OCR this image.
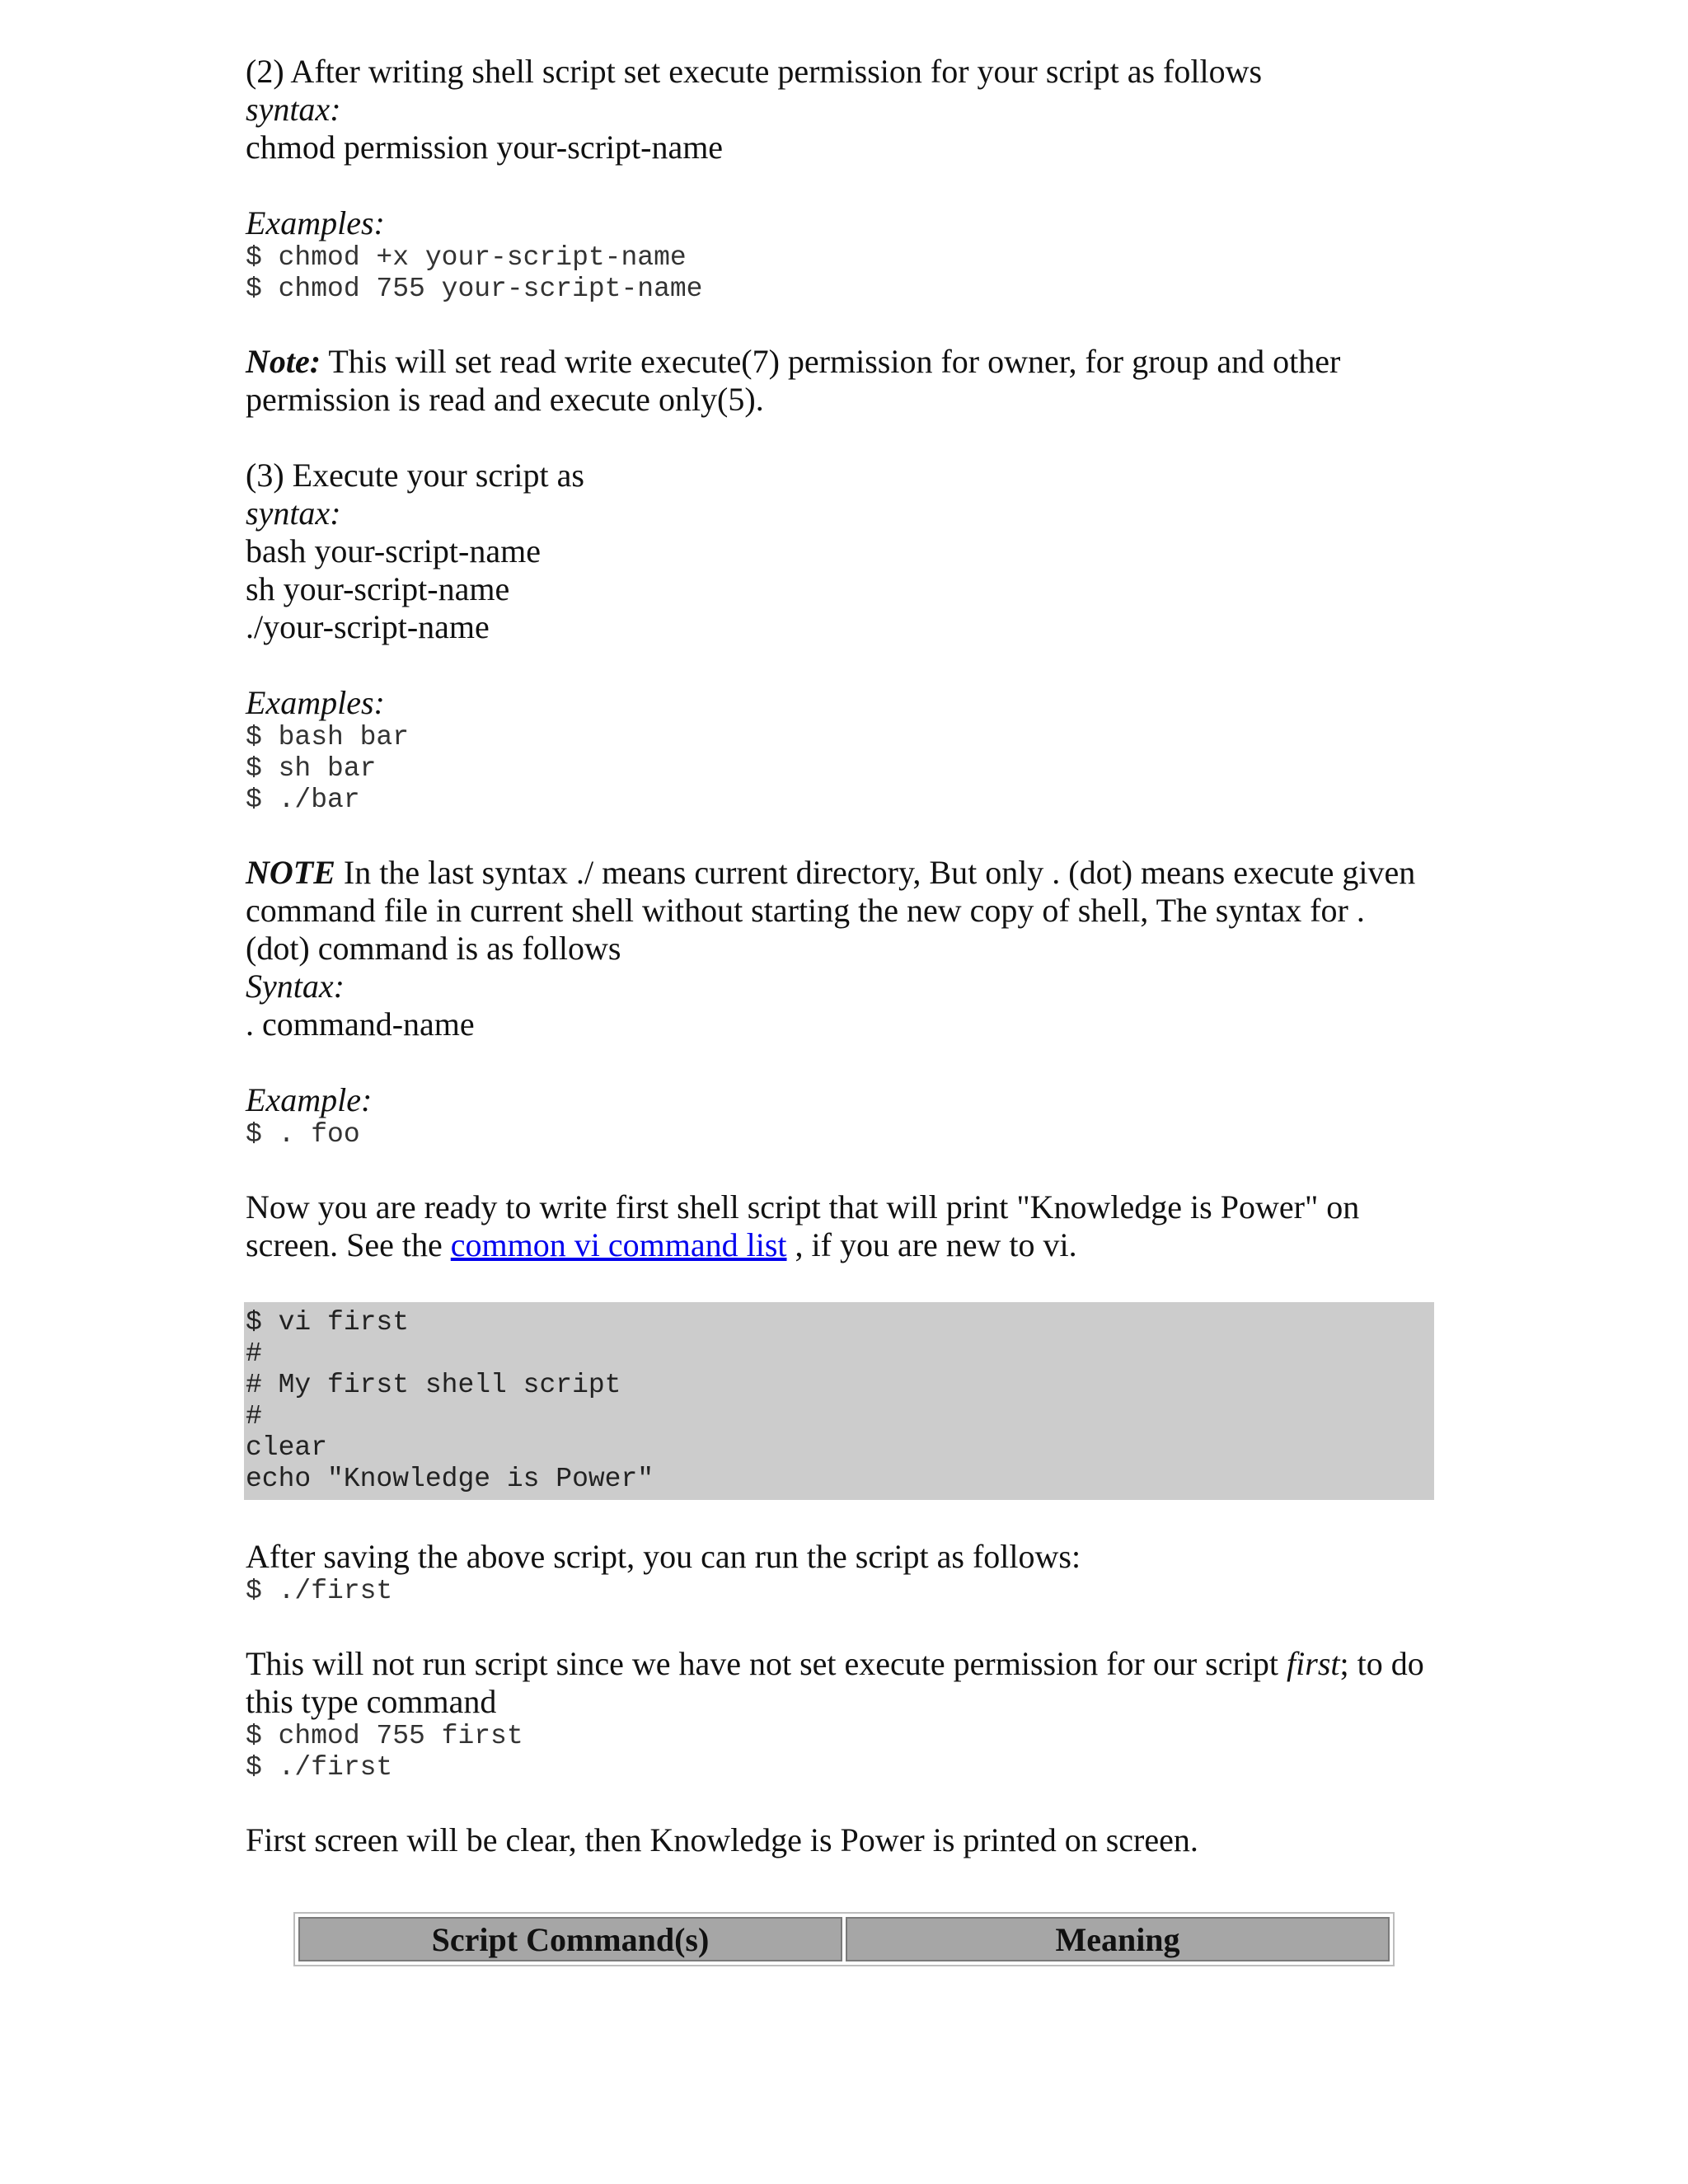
(2) After writing shell script set execute permission for your script as follows

syntax:

chmod permission your-script-name

Examples:

$ chmod +x your-script-name

$ chmod 755 your-script-name

Note: This will set read write execute(7) permission for owner, for group and other

permission is read and execute only(5).

(3) Execute your script as

syntax:

bash your-script-name

sh your-script-name

./your-script-name

Examples:

$ bash bar

$ sh bar

$ ./bar

NOTE In the last syntax ./ means current directory, But only . (dot) means execute given

command file in current shell without starting the new copy of shell, The syntax for .

(dot) command is as follows

Syntax:

. command-name

Example:

$ . foo

Now you are ready to write first shell script that will print "Knowledge is Power" on

screen. See the common vi command list , if you are new to vi.

$ vi first

#

# My first shell script

#

clear

echo "Knowledge is Power"

After saving the above script, you can run the script as follows:

$ ./first

This will not run script since we have not set execute permission for our script first; to do

this type command

$ chmod 755 first

$ ./first

First screen will be clear, then Knowledge is Power is printed on screen.

Script Command(s)	Meaning
